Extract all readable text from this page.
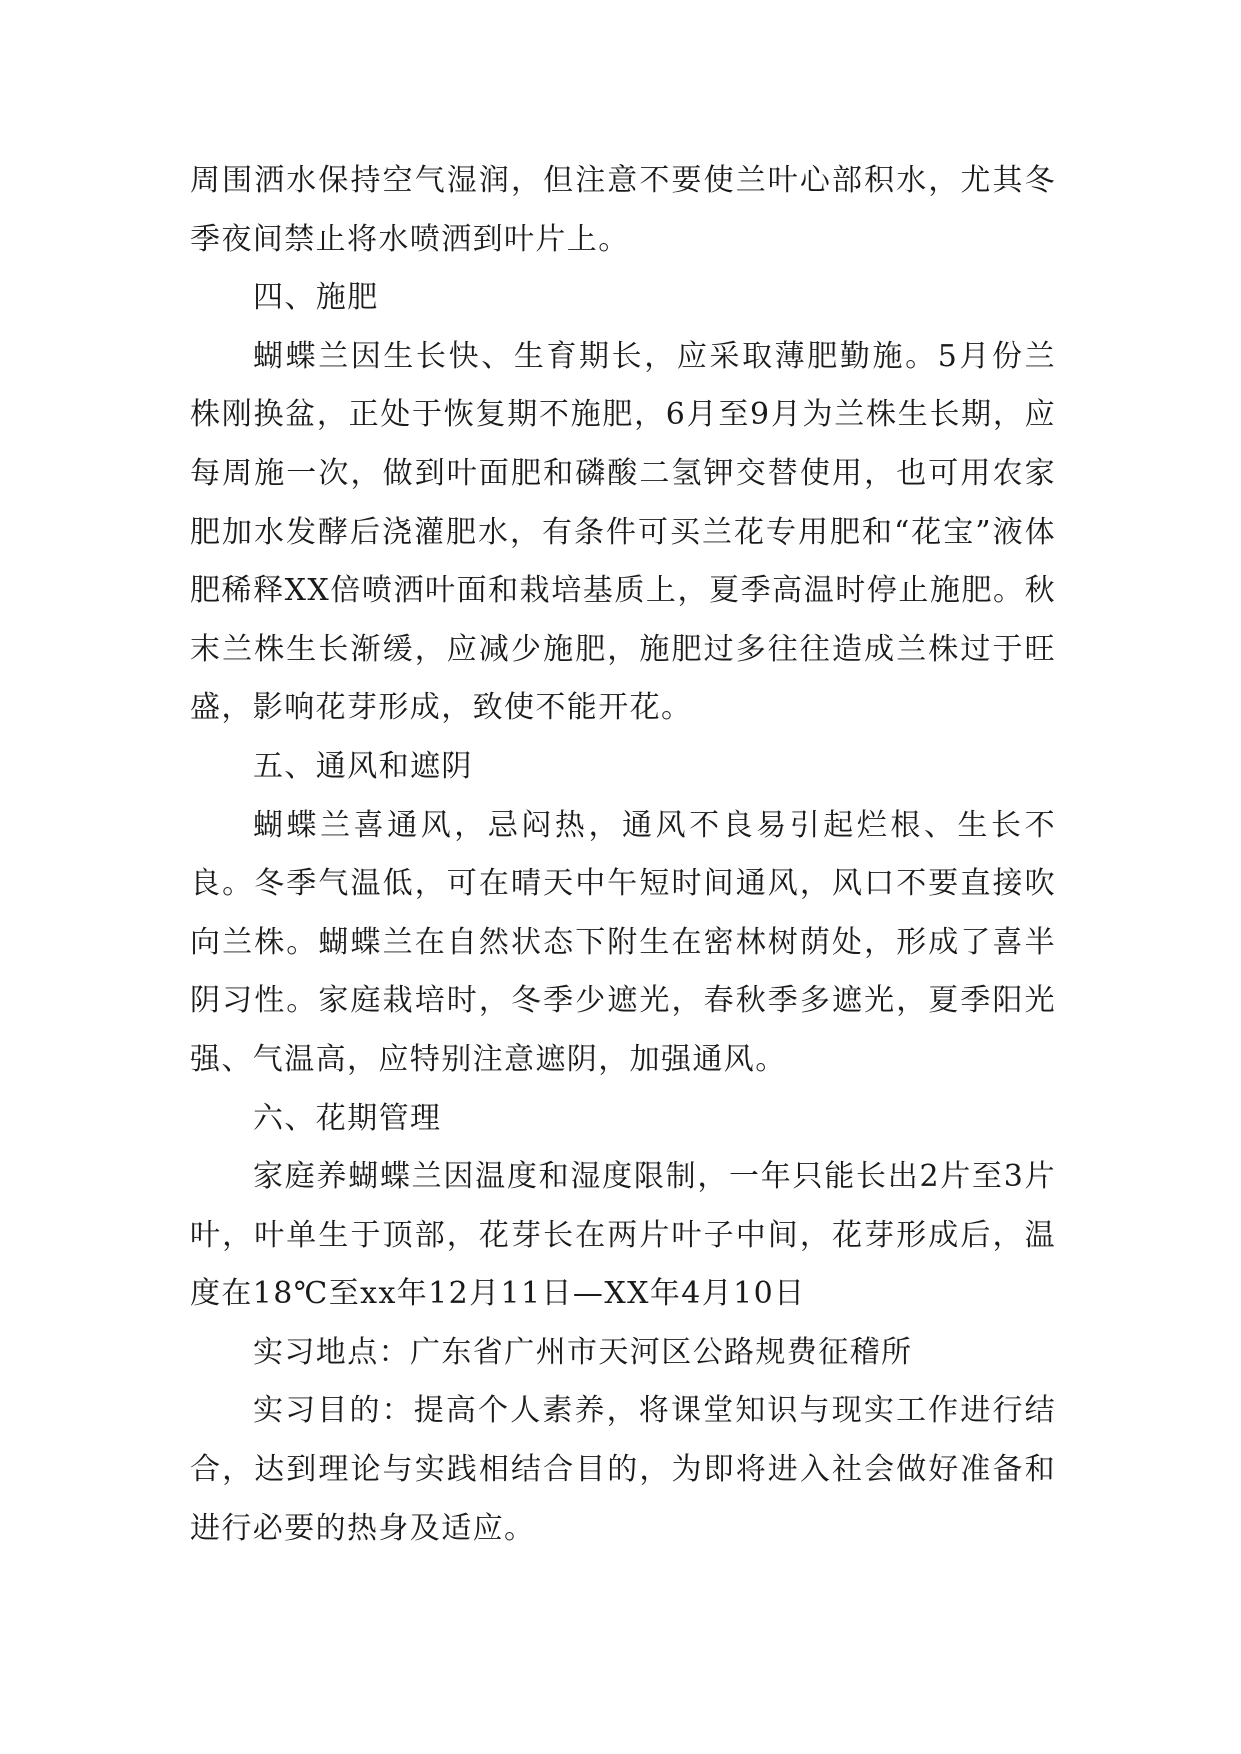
周围洒水保持空气湿润，但注意不要使兰叶心部积水，尤其冬季夜间禁止将水喷洒到叶片上。

四、施肥

蝴蝶兰因生长快、生育期长，应采取薄肥勤施。5月份兰株刚换盆，正处于恢复期不施肥，6月至9月为兰株生长期，应每周施一次，做到叶面肥和磷酸二氢钾交替使用，也可用农家肥加水发酵后浇灌肥水，有条件可买兰花专用肥和“花宝”液体肥稀释XX倍喷洒叶面和栽培基质上，夏季高温时停止施肥。秋末兰株生长渐缓，应减少施肥，施肥过多往往造成兰株过于旺盛，影响花芽形成，致使不能开花。

五、通风和遮阴

蝴蝶兰喜通风，忌闷热，通风不良易引起烂根、生长不良。冬季气温低，可在晴天中午短时间通风，风口不要直接吹向兰株。蝴蝶兰在自然状态下附生在密林树荫处，形成了喜半阴习性。家庭栽培时，冬季少遮光，春秋季多遮光，夏季阳光强、气温高，应特别注意遮阴，加强通风。

六、花期管理

家庭养蝴蝶兰因温度和湿度限制，一年只能长出2片至3片叶，叶单生于顶部，花芽长在两片叶子中间，花芽形成后，温度在18℃至xx年12月11日—XX年4月10日

实习地点：广东省广州市天河区公路规费征稽所

实习目的：提高个人素养，将课堂知识与现实工作进行结合，达到理论与实践相结合目的，为即将进入社会做好准备和进行必要的热身及适应。
